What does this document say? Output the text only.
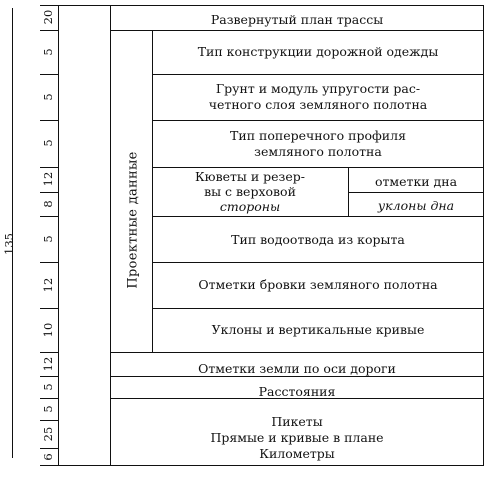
135
20
5
5
5
12
8
5
12
10
12
5
5
25
6
Проектные данные
Развернутый план трассы
Тип конструкции дорожной одежды
Грунт и модуль упругости рас-
четного слоя земляного полотна
Тип поперечного профиля
земляного полотна
Кюветы и резер-
вы с верховой
стороны
отметки дна
уклоны дна
Тип водоотвода из корыта
Отметки бровки земляного полотна
Уклоны и вертикальные кривые
Отметки земли по оси дороги
Расстояния
Пикеты
Прямые и кривые в плане
Километры
